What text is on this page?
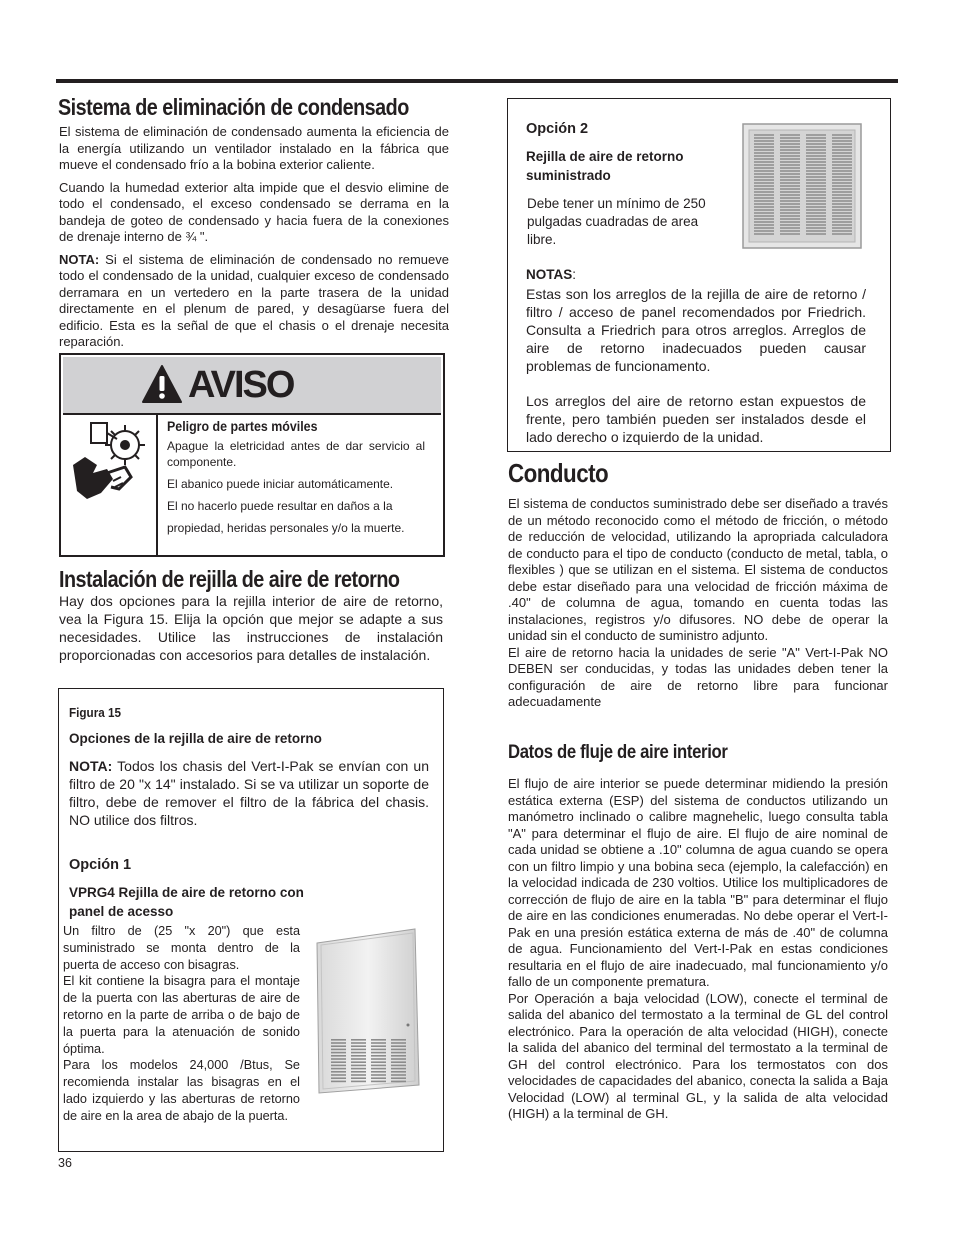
Sistema de eliminación de condensado

El sistema de eliminación de condensado aumenta la eficiencia de la energía utilizando un ventilador instalado en la fábrica que mueve el condensado frío a la bobina exterior caliente.

Cuando la humedad exterior alta impide que el desvio elimine de todo el condensado, el exceso condensado se derrama en la bandeja de goteo de condensado y hacia fuera de la conexiones de drenaje interno de ¾ ".

NOTA: Si el sistema de eliminación de condensado no remueve todo el condensado de la unidad, cualquier exceso de condensado derramara en un vertedero en la parte trasera de la unidad directamente en el plenum de pared, y desagüarse fuera del edificio. Esta es la señal de que el chasis o el drenaje necesita reparación.

AVISO
Peligro de partes móviles
Apague la eletricidad antes de dar servicio al componente.
El abanico puede iniciar automáticamente.
El no hacerlo puede resultar en daños a la
propiedad, heridas personales y/o la muerte.
Instalación de rejilla de aire de retorno

Hay dos opciones para la rejilla interior de aire de retorno, vea la Figura 15. Elija la opción que mejor se adapte a sus necesidades. Utilice las instrucciones de instalación proporcionadas con accesorios para detalles de instalación.

Figura 15
Opciones de la rejilla de aire de retorno

NOTA: Todos los chasis del Vert-I-Pak se envían con un filtro de 20 "x 14" instalado. Si se va utilizar un soporte de filtro, debe de remover el filtro de la fábrica del chasis. NO utilice dos filtros.

Opción 1
VPRG4 Rejilla de aire de retorno con panel de acesso

Un filtro de (25 "x 20") que esta suministrado se monta dentro de la puerta de acceso con bisagras.

El kit contiene la bisagra para el montaje de la puerta con las aberturas de aire de retorno en la parte de arriba o de bajo de la puerta para la atenuación de sonido óptima.

Para los modelos 24,000 /Btus, Se recomienda instalar las bisagras en el lado izquierdo y las aberturas de retorno de aire en la area de abajo de la puerta.

Opción 2
Rejilla de aire de retorno suministrado
Debe tener un mínimo de 250 pulgadas cuadradas de area libre.
NOTAS:

Estas son los arreglos de la rejilla de aire de retorno / filtro / acceso de panel recomendados por Friedrich. Consulta a Friedrich para otros arreglos. Arreglos de aire de retorno inadecuados pueden causar problemas de funcionamento.

Los arreglos del aire de retorno estan expuestos de frente, pero también pueden ser instalados desde el lado derecho o izquierdo de la unidad.

Conducto

El sistema de conductos suministrado debe ser diseñado a través de un método reconocido como el método de fricción, o método de reducción de velocidad, utilizando la apropriada calculadora de conducto para el tipo de conducto (conducto de metal, tabla, o flexibles ) que se utilizan en el sistema. El sistema de conductos debe estar diseñado para una velocidad de fricción máxima de .40" de columna de agua, tomando en cuenta todas las instalaciones, registros y/o difusores. NO debe de operar la unidad sin el conducto de suministro adjunto.

El aire de retorno hacia la unidades de serie "A" Vert-I-Pak NO DEBEN ser conducidas, y todas las unidades deben tener la configuración de aire de retorno libre para funcionar adecuadamente

Datos de fluje de aire interior

El flujo de aire interior se puede determinar midiendo la presión estática externa (ESP) del sistema de conductos utilizando un manómetro inclinado o calibre magnehelic, luego consulta tabla "A" para determinar el flujo de aire. El flujo de aire nominal de cada unidad se obtiene a .10" columna de agua cuando se opera con un filtro limpio y una bobina seca (ejemplo, la calefacción) en la velocidad indicada de 230 voltios. Utilice los multiplicadores de corrección de flujo de aire en la tabla "B" para determinar el flujo de aire en las condiciones enumeradas. No debe operar el Vert-I-Pak en una presión estática externa de más de .40" de columna de agua. Funcionamiento del Vert-I-Pak en estas condiciones resultaria en el flujo de aire inadecuado, mal funcionamiento y/o fallo de un componente prematura.

Por Operación a baja velocidad (LOW), conecte el terminal de salida del abanico del termostato a la terminal de GL del control electrónico. Para la operación de alta velocidad (HIGH), conecte la salida del abanico del terminal del termostato a la terminal de GH del control electrónico. Para los termostatos con dos velocidades de capacidades del abanico, conecta la salida a Baja Velocidad (LOW) al terminal GL, y la salida de alta velocidad (HIGH) a la terminal de GH.

36
